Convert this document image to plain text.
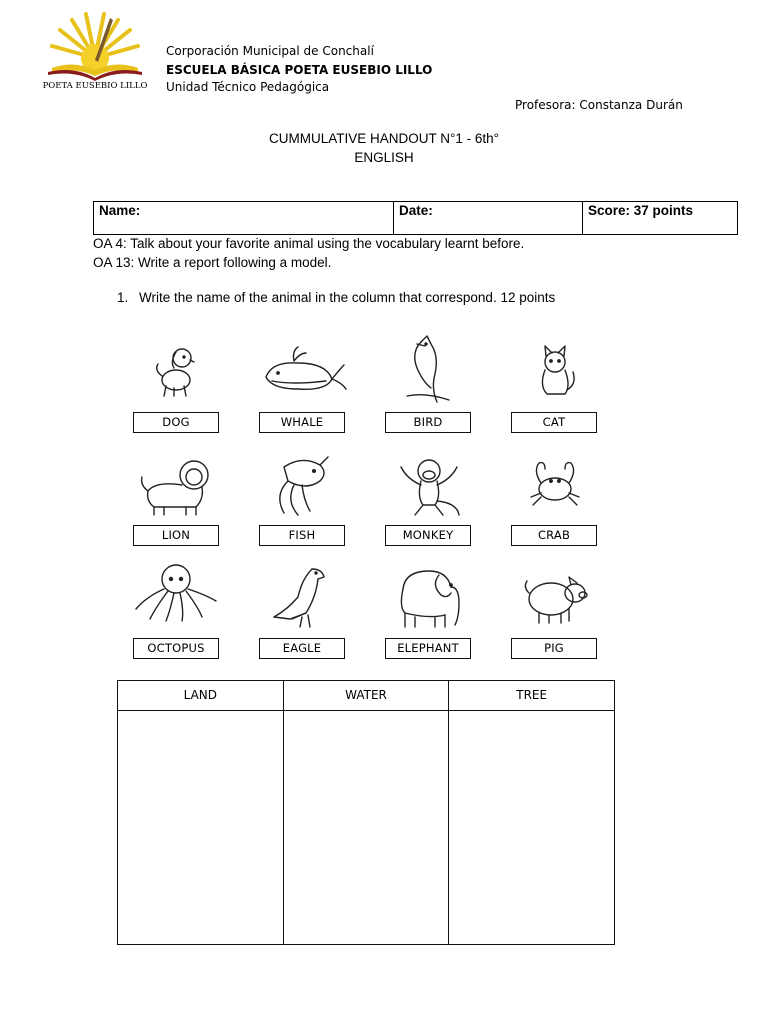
POETA EUSEBIO LILLO
Corporación Municipal de Conchalí
ESCUELA BÁSICA POETA EUSEBIO LILLO
Unidad Técnico Pedagógica
Profesora: Constanza Durán
CUMMULATIVE HANDOUT N°1 - 6th°
ENGLISH
Name:	Date:	Score: 37 points
OA 4: Talk about your favorite animal using the vocabulary learnt before.
OA 13: Write a report following a model.
1. Write the name of the animal in the column that correspond. 12 points
DOG	WHALE	BIRD	CAT
LION	FISH	MONKEY	CRAB
OCTOPUS	EAGLE	ELEPHANT	PIG
LAND	WATER	TREE
